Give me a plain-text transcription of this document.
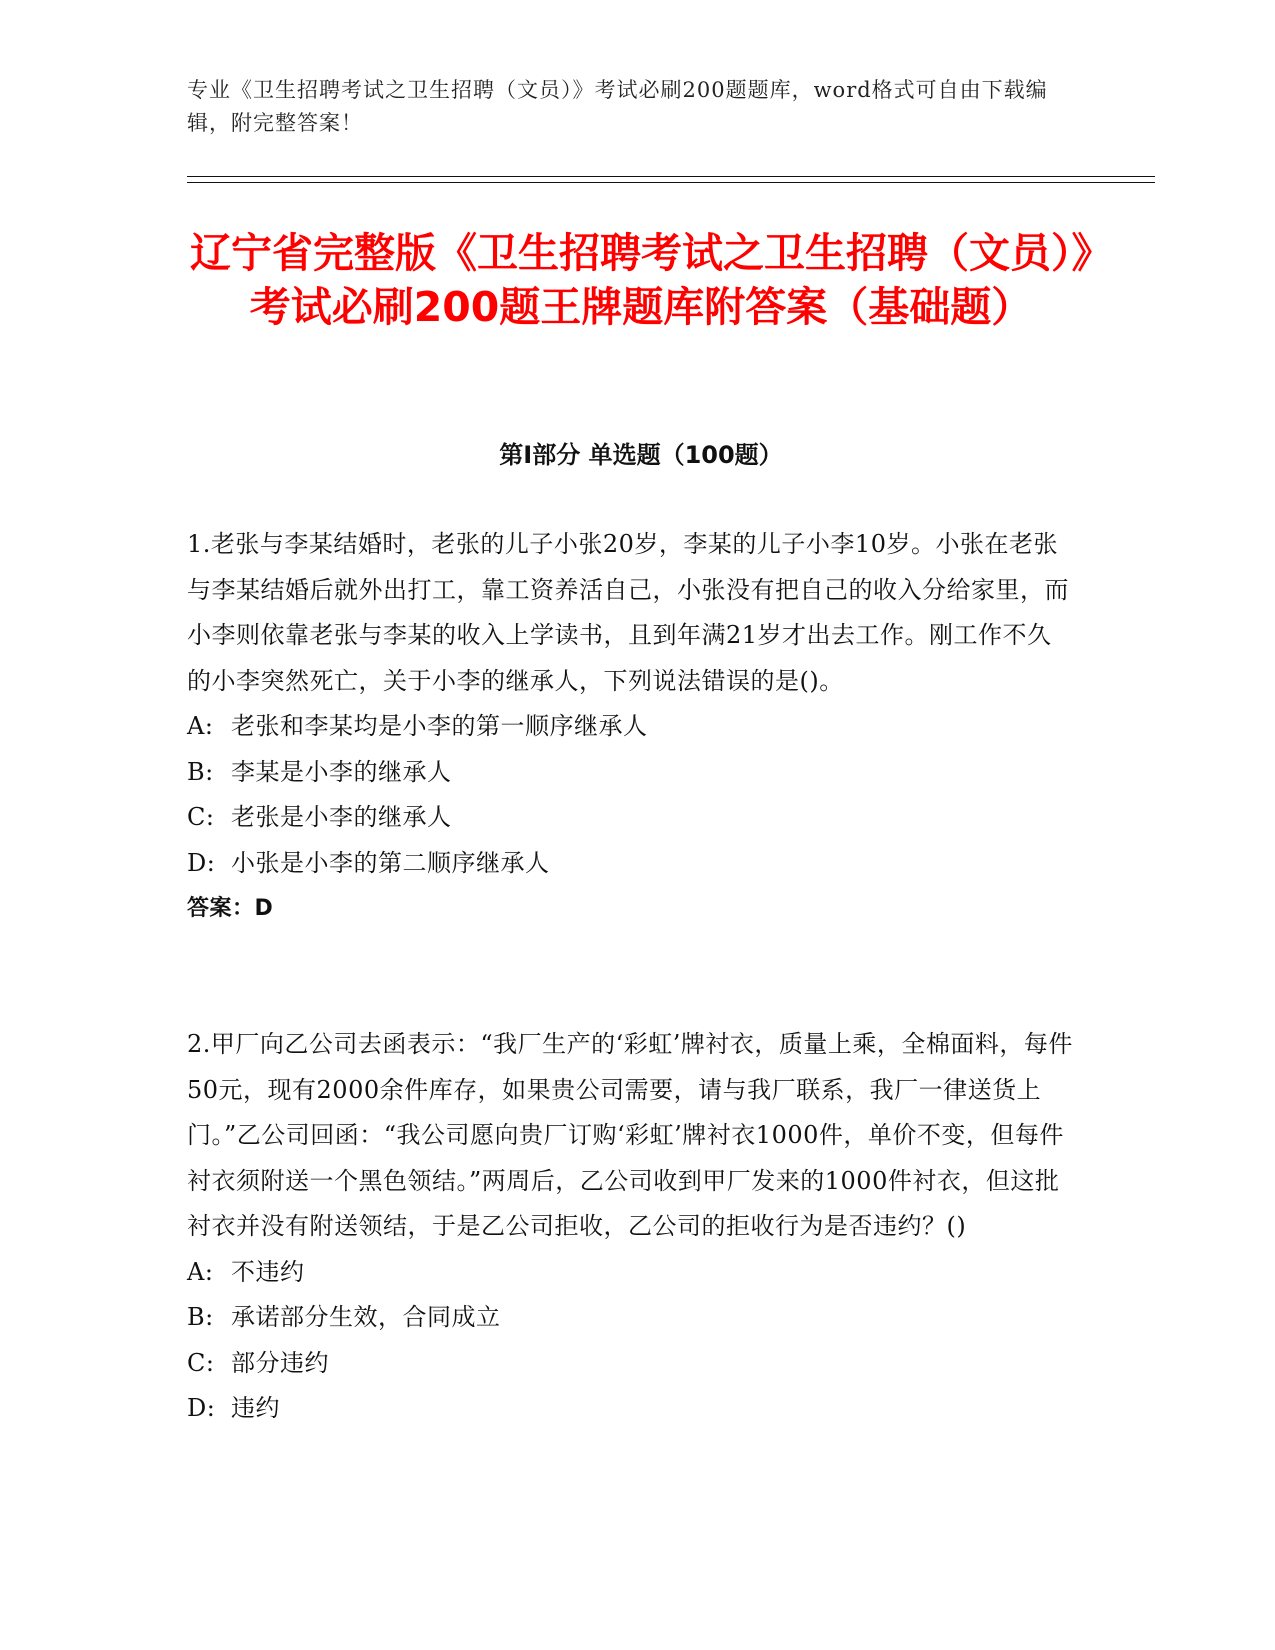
专业《卫生招聘考试之卫生招聘（文员）》考试必刷200题题库，word格式可自由下载编辑，附完整答案！
辽宁省完整版《卫生招聘考试之卫生招聘（文员）》考试必刷200题王牌题库附答案（基础题）
第I部分 单选题（100题）

1.老张与李某结婚时，老张的儿子小张20岁，李某的儿子小李10岁。小张在老张与李某结婚后就外出打工，靠工资养活自己，小张没有把自己的收入分给家里，而小李则依靠老张与李某的收入上学读书，且到年满21岁才出去工作。刚工作不久的小李突然死亡，关于小李的继承人，下列说法错误的是()。

A: 老张和李某均是小李的第一顺序继承人

B: 李某是小李的继承人

C: 老张是小李的继承人

D: 小张是小李的第二顺序继承人

答案：D

2.甲厂向乙公司去函表示：“我厂生产的‘彩虹’牌衬衣，质量上乘，全棉面料，每件50元，现有2000余件库存，如果贵公司需要，请与我厂联系，我厂一律送货上门。”乙公司回函：“我公司愿向贵厂订购‘彩虹’牌衬衣1000件，单价不变，但每件衬衣须附送一个黑色领结。”两周后，乙公司收到甲厂发来的1000件衬衣，但这批衬衣并没有附送领结，于是乙公司拒收，乙公司的拒收行为是否违约？()

A: 不违约

B: 承诺部分生效，合同成立

C: 部分违约

D: 违约
